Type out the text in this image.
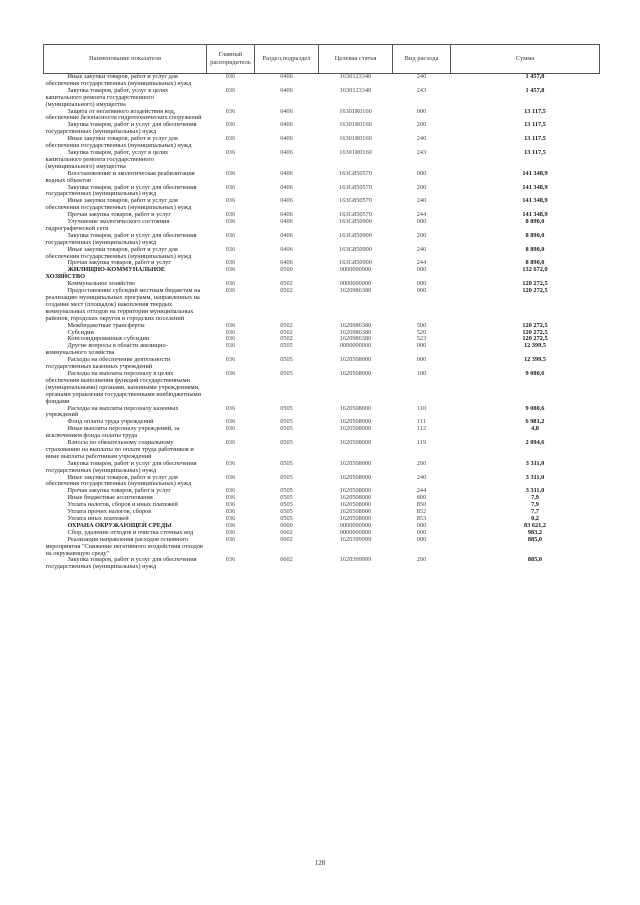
Наименование показателя	Главный распорядитель	Раздел,подраздел	Целевая статья	Вид расхода	Сумма
Иные закупки товаров, работ и услуг для обеспечения государственных (муниципальных) нужд	036	0406	1630123340	240	1 457,8
Закупка товаров, работ, услуг в целях капитального ремонта государственного (муниципального) имущества	036	0406	1630123340	243	1 457,8
Защита от негативного воздействия вод, обеспечение безопасности гидротехнических сооружений	036	0406	16301R0160	000	13 117,5
Закупка товаров, работ и услуг для обеспечения государственных (муниципальных) нужд	036	0406	16301R0160	200	13 117,5
Иные закупки товаров, работ и услуг для обеспечения государственных (муниципальных) нужд	036	0406	16301R0160	240	13 117,5
Закупка товаров, работ, услуг в целях капитального ремонта государственного (муниципального) имущества	036	0406	16301R0160	243	13 117,5
Восстановление и экологическая реабилитация водных объектов	036	0406	163G850570	000	141 348,9
Закупка товаров, работ и услуг для обеспечения государственных (муниципальных) нужд	036	0406	163G850570	200	141 348,9
Иные закупки товаров, работ и услуг для обеспечения государственных (муниципальных) нужд	036	0406	163G850570	240	141 348,9
Прочая закупка товаров, работ и услуг	036	0406	163G850570	244	141 348,9
Улучшение экологического состояния гидрографической сети	036	0406	163G850900	000	8 890,0
Закупка товаров, работ и услуг для обеспечения государственных (муниципальных) нужд	036	0406	163G850900	200	8 890,0
Иные закупки товаров, работ и услуг для обеспечения государственных (муниципальных) нужд	036	0406	163G850900	240	8 890,0
Прочая закупка товаров, работ и услуг	036	0406	163G850900	244	8 890,0
ЖИЛИЩНО-КОММУНАЛЬНОЕ ХОЗЯЙСТВО	036	0500	0000000000	000	132 672,0
Коммунальное хозяйство	036	0502	0000000000	000	120 272,5
Предоставление субсидий местным бюджетам на реализацию муниципальных программ, направленных на создание мест (площадок) накопления твердых коммунальных отходов на территории муниципальных районов, городских округов и городских поселений	036	0502	1620986380	000	120 272,5
Межбюджетные трансферты	036	0502	1620986380	500	120 272,5
Субсидии	036	0502	1620986380	520	120 272,5
Консолидированные субсидии	036	0502	1620986380	523	120 272,5
Другие вопросы в области жилищно-коммунального хозяйства	036	0505	0000000000	000	12 399,5
Расходы на обеспечение деятельности государственных казенных учреждений	036	0505	1620508000	000	12 399,5
Расходы на выплаты персоналу в целях обеспечения выполнения функций государственными (муниципальными) органами, казенными учреждениями, органами управления государственными внебюджетными фондами	036	0505	1620508000	100	9 080,6
Расходы на выплаты персоналу казенных учреждений	036	0505	1620508000	110	9 080,6
Фонд оплаты труда учреждений	036	0505	1620508000	111	6 981,2
Иные выплаты персоналу учреждений, за исключением фонда оплаты труда	036	0505	1620508000	112	4,8
Взносы по обязательному социальному страхованию на выплаты по оплате труда работников и иные выплаты работникам учреждений	036	0505	1620508000	119	2 094,6
Закупка товаров, работ и услуг для обеспечения государственных (муниципальных) нужд	036	0505	1620508000	200	3 311,0
Иные закупки товаров, работ и услуг для обеспечения государственных (муниципальных) нужд	036	0505	1620508000	240	3 311,0
Прочая закупка товаров, работ и услуг	036	0505	1620508000	244	3 311,0
Иные бюджетные ассигнования	036	0505	1620508000	800	7,9
Уплата налогов, сборов и иных платежей	036	0505	1620508000	850	7,9
Уплата прочих налогов, сборов	036	0505	1620508000	852	7,7
Уплата иных платежей	036	0505	1620508000	853	0,2
ОХРАНА ОКРУЖАЮЩЕЙ СРЕДЫ	036	0600	0000000000	000	83 621,2
Сбор, удаление отходов и очистка сточных вод	036	0602	0000000000	000	983,2
Реализация направления расходов основного мероприятия "Снижение негативного воздействия отходов на окружающую среду"	036	0602	1620399999	000	885,0
Закупка товаров, работ и услуг для обеспечения государственных (муниципальных) нужд	036	0602	1620399999	200	885,0
128
